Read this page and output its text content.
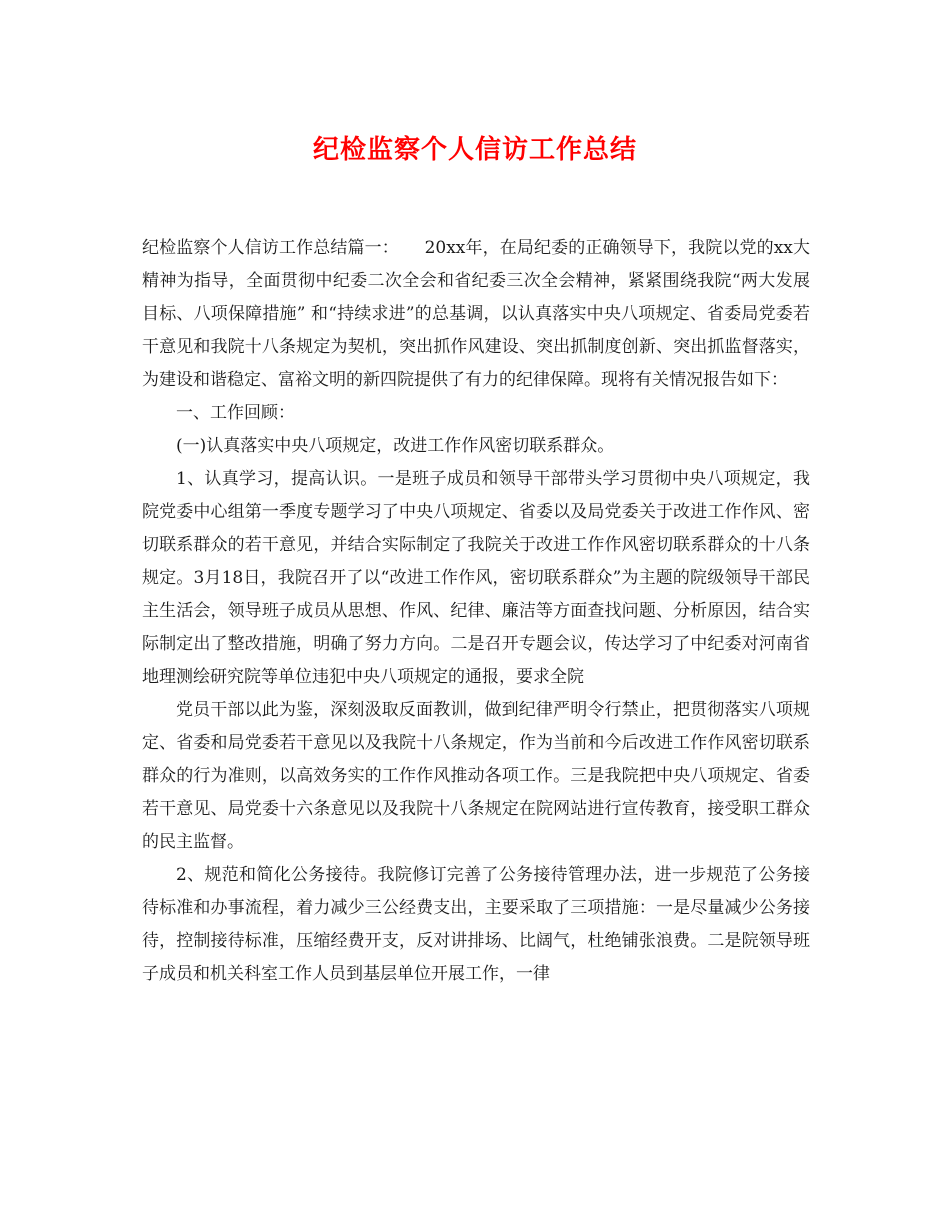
纪检监察个人信访工作总结

纪检监察个人信访工作总结篇一：　　20xx年，在局纪委的正确领导下，我院以党的xx大精神为指导，全面贯彻中纪委二次全会和省纪委三次全会精神，紧紧围绕我院“两大发展目标、八项保障措施” 和“持续求进”的总基调，以认真落实中央八项规定、省委局党委若干意见和我院十八条规定为契机，突出抓作风建设、突出抓制度创新、突出抓监督落实，为建设和谐稳定、富裕文明的新四院提供了有力的纪律保障。现将有关情况报告如下：

一、工作回顾：

(一)认真落实中央八项规定，改进工作作风密切联系群众。

1、认真学习，提高认识。一是班子成员和领导干部带头学习贯彻中央八项规定，我院党委中心组第一季度专题学习了中央八项规定、省委以及局党委关于改进工作作风、密切联系群众的若干意见，并结合实际制定了我院关于改进工作作风密切联系群众的十八条规定。3月18日，我院召开了以“改进工作作风，密切联系群众”为主题的院级领导干部民主生活会，领导班子成员从思想、作风、纪律、廉洁等方面查找问题、分析原因，结合实际制定出了整改措施，明确了努力方向。二是召开专题会议，传达学习了中纪委对河南省地理测绘研究院等单位违犯中央八项规定的通报，要求全院

党员干部以此为鉴，深刻汲取反面教训，做到纪律严明令行禁止，把贯彻落实八项规定、省委和局党委若干意见以及我院十八条规定，作为当前和今后改进工作作风密切联系群众的行为准则，以高效务实的工作作风推动各项工作。三是我院把中央八项规定、省委若干意见、局党委十六条意见以及我院十八条规定在院网站进行宣传教育，接受职工群众的民主监督。

2、规范和简化公务接待。我院修订完善了公务接待管理办法，进一步规范了公务接待标准和办事流程，着力减少三公经费支出，主要采取了三项措施：一是尽量减少公务接待，控制接待标准，压缩经费开支，反对讲排场、比阔气，杜绝铺张浪费。二是院领导班子成员和机关科室工作人员到基层单位开展工作，一律
